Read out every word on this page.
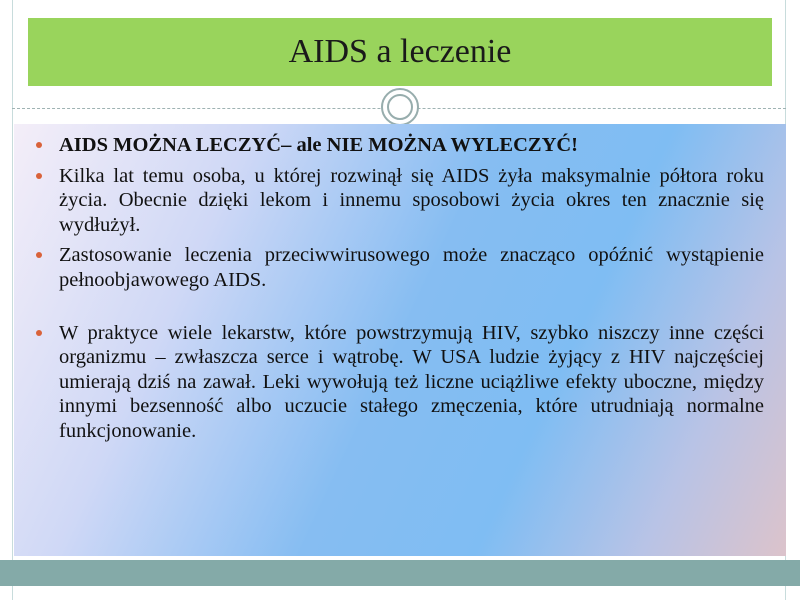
AIDS a leczenie
AIDS MOŻNA LECZYĆ– ale NIE MOŻNA WYLECZYĆ!
Kilka lat temu osoba, u której rozwinął się AIDS żyła maksymalnie półtora roku życia. Obecnie dzięki lekom i innemu sposobowi życia okres ten znacznie się wydłużył.
Zastosowanie leczenia przeciwwirusowego może znacząco opóźnić wystąpienie pełnoobjawowego AIDS.
W praktyce wiele lekarstw, które powstrzymują HIV, szybko niszczy inne części organizmu – zwłaszcza serce i wątrobę. W USA ludzie żyjący z HIV najczęściej umierają dziś na zawał. Leki wywołują też liczne uciążliwe efekty uboczne, między innymi bezsenność albo uczucie stałego zmęczenia, które utrudniają normalne funkcjonowanie.
